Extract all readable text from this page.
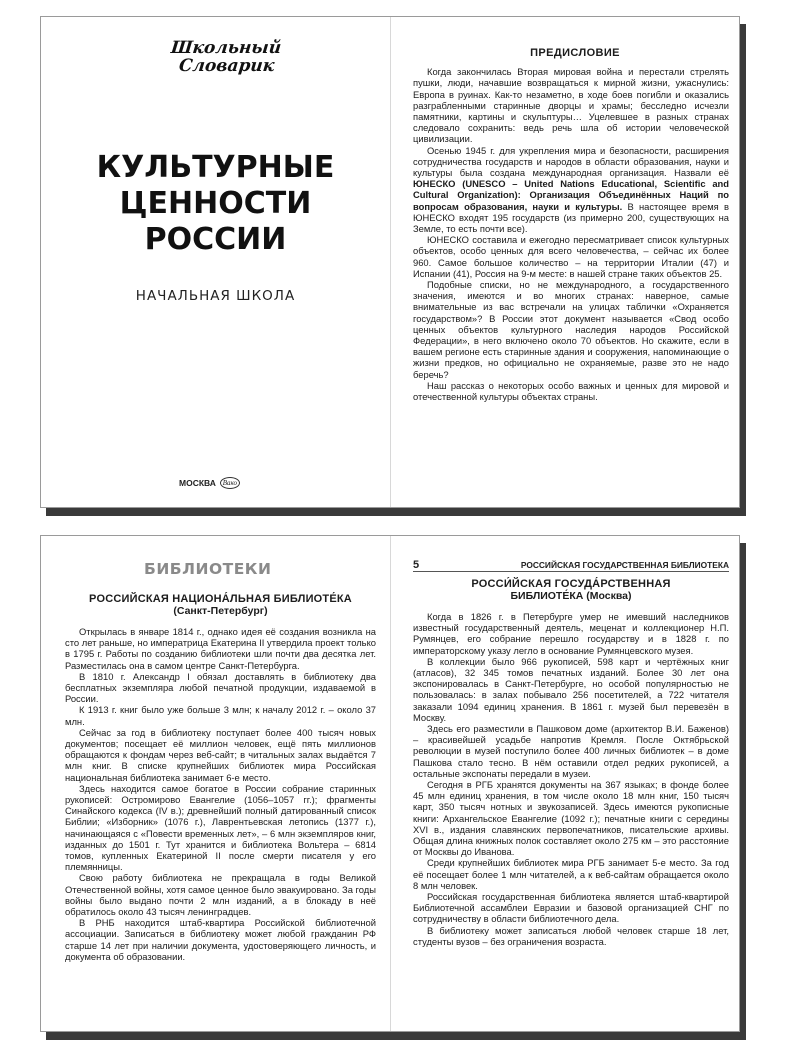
Школьный
Словарик
КУЛЬТУРНЫЕ
ЦЕННОСТИ
РОССИИ
НАЧАЛЬНАЯ ШКОЛА
МОСКВА Вако
ПРЕДИСЛОВИЕ

Когда закончилась Вторая мировая война и перестали стрелять пушки, люди, начавшие возвращаться к мирной жизни, ужаснулись: Европа в руинах. Как-то незаметно, в ходе боев погибли и оказались разграбленными старинные дворцы и храмы; бесследно исчезли памятники, картины и скульптуры… Уцелевшее в разных странах следовало сохранить: ведь речь шла об истории человеческой цивилизации.

Осенью 1945 г. для укрепления мира и безопасности, расширения сотрудничества государств и народов в области образования, науки и культуры была создана международная организация. Назвали её ЮНЕСКО (UNESCO – United Nations Educational, Scientific and Cultural Organization): Организация Объединённых Наций по вопросам образования, науки и культуры. В настоящее время в ЮНЕСКО входят 195 государств (из примерно 200, существующих на Земле, то есть почти все).

ЮНЕСКО составила и ежегодно пересматривает список культурных объектов, особо ценных для всего человечества, – сейчас их более 960. Самое большое количество – на территории Италии (47) и Испании (41), Россия на 9-м месте: в нашей стране таких объектов 25.

Подобные списки, но не международного, а государственного значения, имеются и во многих странах: наверное, самые внимательные из вас встречали на улицах таблички «Охраняется государством»? В России этот документ называется «Свод особо ценных объектов культурного наследия народов Российской Федерации», в него включено около 70 объектов. Но скажите, если в вашем регионе есть старинные здания и сооружения, напоминающие о жизни предков, но официально не охраняемые, разве это не надо беречь?

Наш рассказ о некоторых особо важных и ценных для мировой и отечественной культуры объектах страны.

БИБЛИОТЕКИ
РОССИЙСКАЯ НАЦИОНА́ЛЬНАЯ БИБЛИОТЕ́КА
(Санкт-Петербург)

Открылась в январе 1814 г., однако идея её создания возникла на сто лет раньше, но императрица Екатерина II утвердила проект только в 1795 г. Работы по созданию библиотеки шли почти два десятка лет. Разместилась она в самом центре Санкт-Петербурга.

В 1810 г. Александр I обязал доставлять в библиотеку два бесплатных экземпляра любой печатной продукции, издаваемой в России.

К 1913 г. книг было уже больше 3 млн; к началу 2012 г. – около 37 млн.

Сейчас за год в библиотеку поступает более 400 тысяч новых документов; посещает её миллион человек, ещё пять миллионов обращаются к фондам через веб-сайт; в читальных залах выдаётся 7 млн книг. В списке крупнейших библиотек мира Российская национальная библиотека занимает 6-е место.

Здесь находится самое богатое в России собрание старинных рукописей: Остромирово Евангелие (1056–1057 гг.); фрагменты Синайского кодекса (IV в.); древнейший полный датированный список Библии; «Изборник» (1076 г.), Лаврентьевская летопись (1377 г.), начинающаяся с «Повести временных лет», – 6 млн экземпляров книг, изданных до 1501 г. Тут хранится и библиотека Вольтера – 6814 томов, купленных Екатериной II после смерти писателя у его племянницы.

Свою работу библиотека не прекращала в годы Великой Отечественной войны, хотя самое ценное было эвакуировано. За годы войны было выдано почти 2 млн изданий, а в блокаду в неё обратилось около 43 тысяч ленинградцев.

В РНБ находится штаб-квартира Российской библиотечной ассоциации. Записаться в библиотеку может любой гражданин РФ старше 14 лет при наличии документа, удостоверяющего личность, и документа об образовании.

5	РОССИЙСКАЯ ГОСУДАРСТВЕННАЯ БИБЛИОТЕКА
РОССИ́ЙСКАЯ ГОСУДА́РСТВЕННАЯ
БИБЛИОТЕ́КА (Москва)

Когда в 1826 г. в Петербурге умер не имевший наследников известный государственный деятель, меценат и коллекционер Н.П. Румянцев, его собрание перешло государству и в 1828 г. по императорскому указу легло в основание Румянцевского музея.

В коллекции было 966 рукописей, 598 карт и чертёжных книг (атласов), 32 345 томов печатных изданий. Более 30 лет она экспонировалась в Санкт-Петербурге, но особой популярностью не пользовалась: в залах побывало 256 посетителей, а 722 читателя заказали 1094 единиц хранения. В 1861 г. музей был перевезён в Москву.

Здесь его разместили в Пашковом доме (архитектор В.И. Баженов) – красивейшей усадьбе напротив Кремля. После Октябрьской революции в музей поступило более 400 личных библиотек – в доме Пашкова стало тесно. В нём оставили отдел редких рукописей, а остальные экспонаты передали в музеи.

Сегодня в РГБ хранятся документы на 367 языках; в фонде более 45 млн единиц хранения, в том числе около 18 млн книг, 150 тысяч карт, 350 тысяч нотных и звукозаписей. Здесь имеются рукописные книги: Архангельское Евангелие (1092 г.); печатные книги с середины XVI в., издания славянских первопечатников, писательские архивы. Общая длина книжных полок составляет около 275 км – это расстояние от Москвы до Иванова.

Среди крупнейших библиотек мира РГБ занимает 5-е место. За год её посещает более 1 млн читателей, а к веб-сайтам обращается около 8 млн человек.

Российская государственная библиотека является штаб-квартирой Библиотечной ассамблеи Евразии и базовой организацией СНГ по сотрудничеству в области библиотечного дела.

В библиотеку может записаться любой человек старше 18 лет, студенты вузов – без ограничения возраста.
